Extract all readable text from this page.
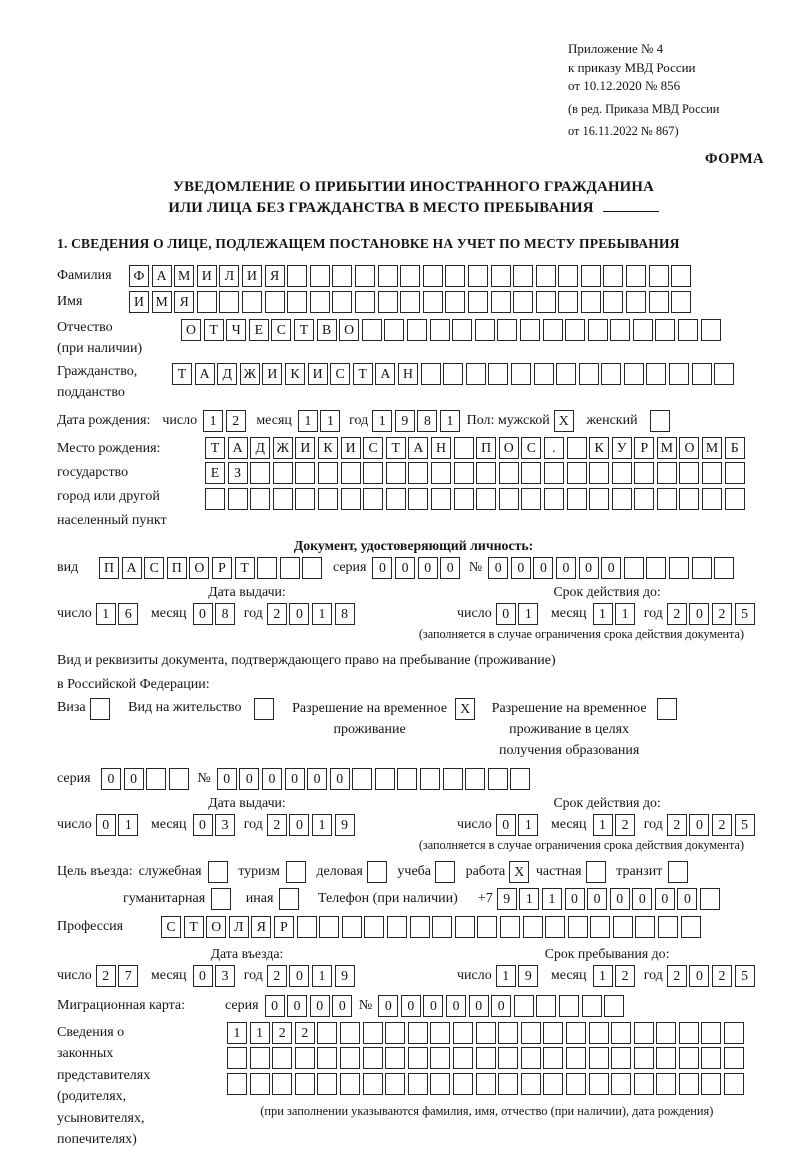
Приложение № 4
к приказу МВД России
от 10.12.2020 № 856
(в ред. Приказа МВД России
от 16.11.2022 № 867)
ФОРМА
УВЕДОМЛЕНИЕ О ПРИБЫТИИ ИНОСТРАННОГО ГРАЖДАНИНА
ИЛИ ЛИЦА БЕЗ ГРАЖДАНСТВА В МЕСТО ПРЕБЫВАНИЯ
1. СВЕДЕНИЯ О ЛИЦЕ, ПОДЛЕЖАЩЕМ ПОСТАНОВКЕ НА УЧЕТ ПО МЕСТУ ПРЕБЫВАНИЯ
Фамилия	Ф А М И Л И Я
Имя	И М Я
Отчество
(при наличии)
О Т	Ч	Е С Т В О
Гражданство,
подданство
Т А Д Ж И К И С Т А Н
Дата рождения: число 1	2	месяц 1	1	год 1	9	8	1 Пол: мужской X	женский
Место рождения:
государство
город или другой
населенный пункт
Т А Д Ж И К И С Т А Н	П О С	.	К У	Р М О М Б
Е	З
Документ, удостоверяющий личность:
вид	П А С П О Р	Т	серия 0	0	0	0	№ 0	0	0	0	0	0
Дата выдачи:
число 1	6	месяц 0	8	год 2	0	1	8
Срок действия до:
число 0	1	месяц 1	1	год 2	0	2	5
(заполняется в случае ограничения срока действия документа)
Вид и реквизиты документа, подтверждающего право на пребывание (проживание)
в Российской Федерации:
Виза	Вид на жительство	Разрешение на временное
проживание
X	Разрешение на временное
проживание в целях
получения образования
серия	0	0	№ 0	0	0	0	0	0
Дата выдачи:
число 0	1	месяц 0	3	год 2	0	1	9
Срок действия до:
число 0	1	месяц 1	2	год 2	0	2	5
(заполняется в случае ограничения срока действия документа)
Цель въезда: служебная	туризм	деловая учеба работа X частная транзит
гуманитарная	иная	Телефон (при наличии) +7 9	1	1	0	0	0	0	0	0
Профессия	С Т О Л Я	Р
Дата въезда:
число 2	7	месяц 0	3	год 2	0	1	9
Срок пребывания до:
число 1	9	месяц 1	2	год 2	0	2	5
Миграционная карта:	серия 0	0	0	0 № 0	0	0	0	0	0
Сведения о
законных
представителях
(родителях,
усыновителях,
попечителях)
1	1	2	2
(при заполнении указываются фамилия, имя, отчество (при наличии), дата рождения)
